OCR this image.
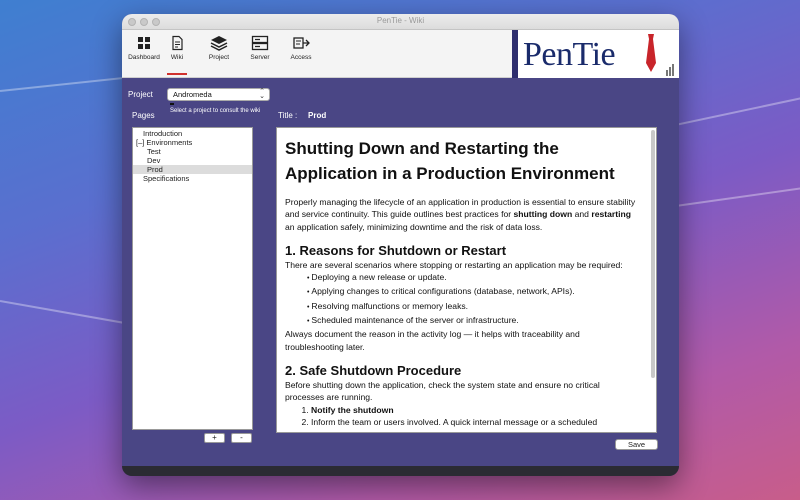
PenTie - Wiki
Dashboard	Wiki	Project	Server	Access	PenTie
Project	Andromeda	⌃
⌄
Select a project to consult the wiki
Pages
Introduction
[–] Environments
Test
Dev
Prod
Specifications
+	-
Title : Prod
Shutting Down and Restarting the Application in a Production Environment

Properly managing the lifecycle of an application in production is essential to ensure stability and service continuity. This guide outlines best practices for shutting down and restarting an application safely, minimizing downtime and the risk of data loss.

1. Reasons for Shutdown or Restart

There are several scenarios where stopping or restarting an application may be required:

• Deploying a new release or update.
• Applying changes to critical configurations (database, network, APIs).
• Resolving malfunctions or memory leaks.
• Scheduled maintenance of the server or infrastructure.

Always document the reason in the activity log — it helps with traceability and troubleshooting later.

2. Safe Shutdown Procedure

Before shutting down the application, check the system state and ensure no critical processes are running.

1. Notify the shutdown
2. Inform the team or users involved. A quick internal message or a scheduled
Save
